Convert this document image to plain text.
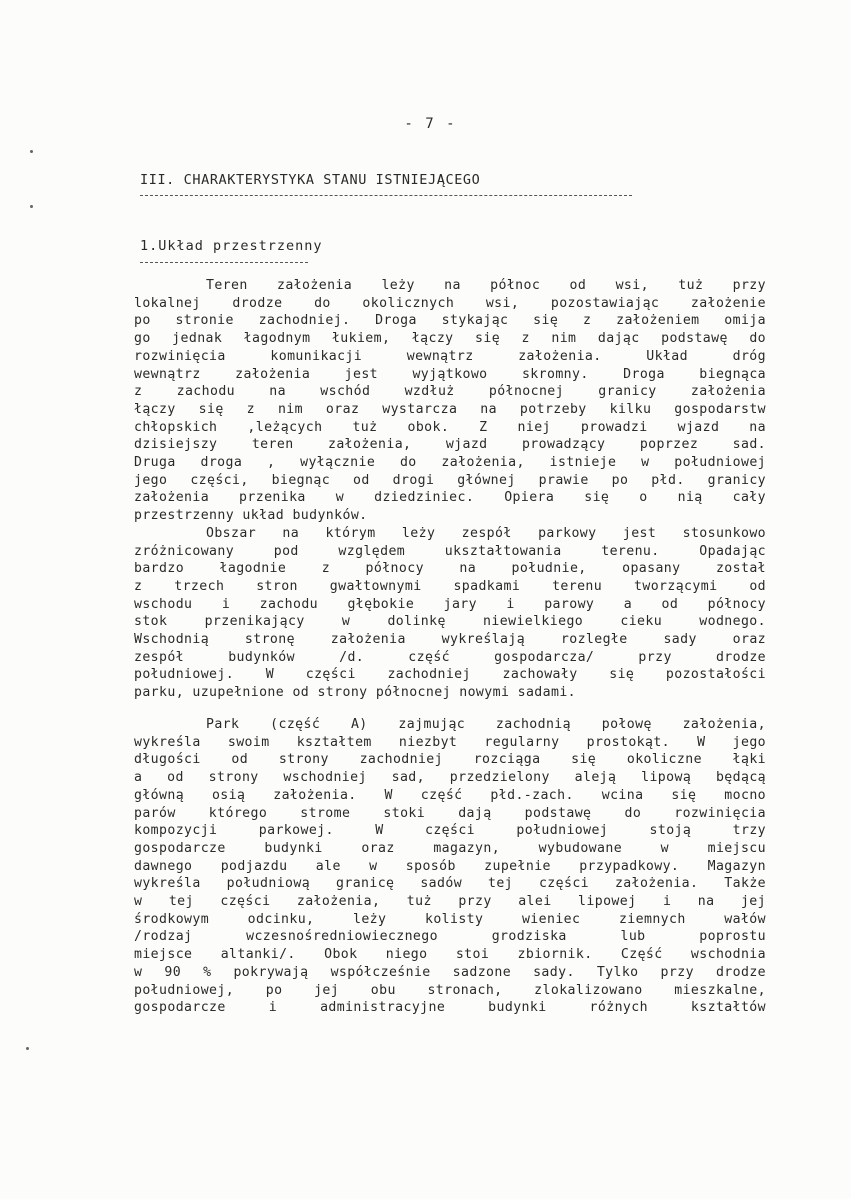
- 7 -
III. CHARAKTERYSTYKA STANU ISTNIEJĄCEGO
1.Układ przestrzenny
Teren założenia leży na północ od wsi, tuż przy
lokalnej drodze do okolicznych wsi, pozostawiając założenie
po stronie zachodniej. Droga stykając się z założeniem omija
go jednak łagodnym łukiem, łączy się z nim dając podstawę do
rozwinięcia komunikacji wewnątrz założenia. Układ dróg
wewnątrz założenia jest wyjątkowo skromny. Droga biegnąca
z zachodu na wschód wzdłuż północnej granicy założenia
łączy się z nim oraz wystarcza na potrzeby kilku gospodarstw
chłopskich ,leżących tuż obok. Z niej prowadzi wjazd na
dzisiejszy teren założenia, wjazd prowadzący poprzez sad.
Druga droga , wyłącznie do założenia, istnieje w południowej
jego części, biegnąc od drogi głównej prawie po płd. granicy
założenia przenika w dziedziniec. Opiera się o nią cały
przestrzenny układ budynków.
Obszar na którym leży zespół parkowy jest stosunkowo
zróżnicowany pod względem ukształtowania terenu. Opadając
bardzo łagodnie z północy na południe, opasany został
z trzech stron gwałtownymi spadkami terenu tworzącymi od
wschodu i zachodu głębokie jary i parowy a od północy
stok przenikający w dolinkę niewielkiego cieku wodnego.
Wschodnią stronę założenia wykreślają rozległe sady oraz
zespół budynków /d. część gospodarcza/ przy drodze
południowej. W części zachodniej zachowały się pozostałości
parku, uzupełnione od strony północnej nowymi sadami.
Park (część A) zajmując zachodnią połowę założenia,
wykreśla swoim kształtem niezbyt regularny prostokąt. W jego
długości od strony zachodniej rozciąga się okoliczne łąki
a od strony wschodniej sad, przedzielony aleją lipową będącą
główną osią założenia. W część płd.-zach. wcina się mocno
parów którego strome stoki dają podstawę do rozwinięcia
kompozycji parkowej. W części południowej stoją trzy
gospodarcze budynki oraz magazyn, wybudowane w miejscu
dawnego podjazdu ale w sposób zupełnie przypadkowy. Magazyn
wykreśla południową granicę sadów tej części założenia. Także
w tej części założenia, tuż przy alei lipowej i na jej
środkowym odcinku, leży kolisty wieniec ziemnych wałów
/rodzaj wczesnośredniowiecznego grodziska lub poprostu
miejsce altanki/. Obok niego stoi zbiornik. Część wschodnia
w 90 % pokrywają współcześnie sadzone sady. Tylko przy drodze
południowej, po jej obu stronach, zlokalizowano mieszkalne,
gospodarcze i administracyjne budynki różnych kształtów
